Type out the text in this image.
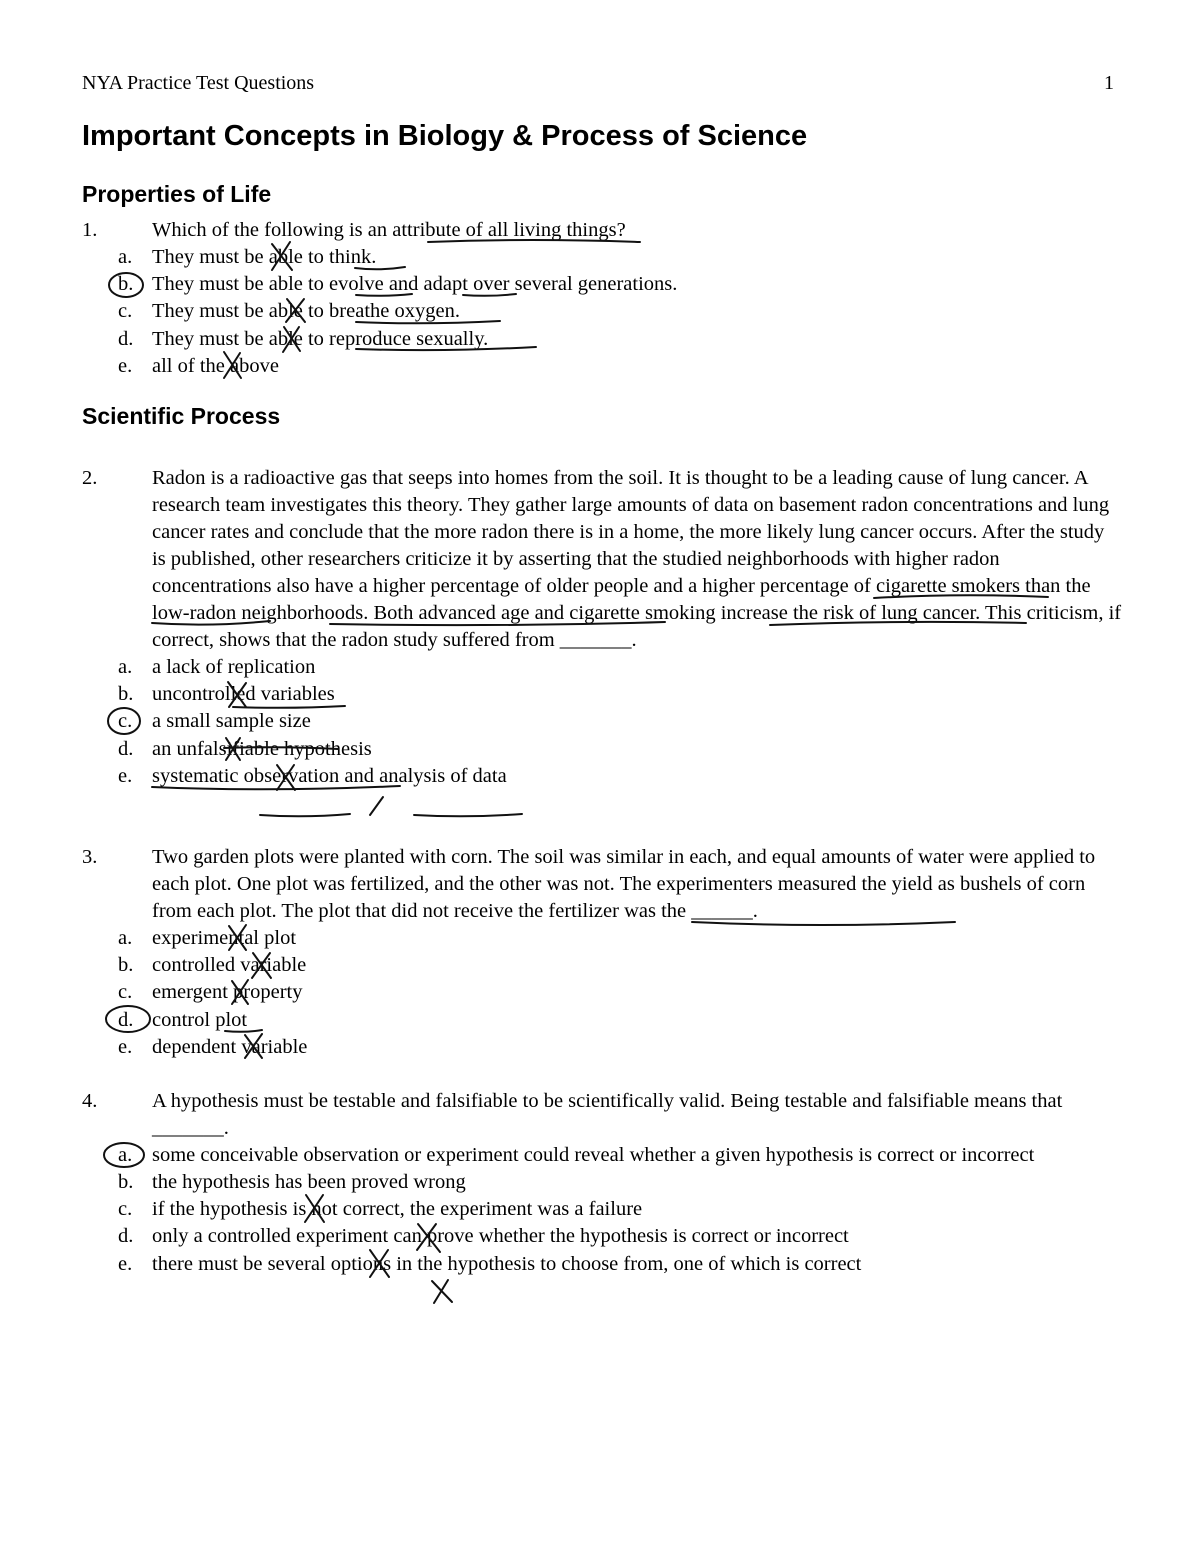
NYA Practice Test Questions	1
Important Concepts in Biology & Process of Science
Properties of Life
1.	Which of the following is an attribute of all living things?
a. They must be able to think.
b. They must be able to evolve and adapt over several generations.
c. They must be able to breathe oxygen.
d. They must be able to reproduce sexually.
e. all of the above
Scientific Process
2.	Radon is a radioactive gas that seeps into homes from the soil. It is thought to be a leading cause of lung cancer. A research team investigates this theory. They gather large amounts of data on basement radon concentrations and lung cancer rates and conclude that the more radon there is in a home, the more likely lung cancer occurs. After the study is published, other researchers criticize it by asserting that the studied neighborhoods with higher radon concentrations also have a higher percentage of older people and a higher percentage of cigarette smokers than the low-radon neighborhoods. Both advanced age and cigarette smoking increase the risk of lung cancer. This criticism, if correct, shows that the radon study suffered from _______.
a. a lack of replication
b. uncontrolled variables
c. a small sample size
d. an unfalsifiable hypothesis
e. systematic observation and analysis of data
3.	Two garden plots were planted with corn. The soil was similar in each, and equal amounts of water were applied to each plot. One plot was fertilized, and the other was not. The experimenters measured the yield as bushels of corn from each plot. The plot that did not receive the fertilizer was the ______.
a. experimental plot
b. controlled variable
c. emergent property
d. control plot
e. dependent variable
4.	A hypothesis must be testable and falsifiable to be scientifically valid. Being testable and falsifiable means that _______.
a. some conceivable observation or experiment could reveal whether a given hypothesis is correct or incorrect
b. the hypothesis has been proved wrong
c. if the hypothesis is not correct, the experiment was a failure
d. only a controlled experiment can prove whether the hypothesis is correct or incorrect
e. there must be several options in the hypothesis to choose from, one of which is correct
